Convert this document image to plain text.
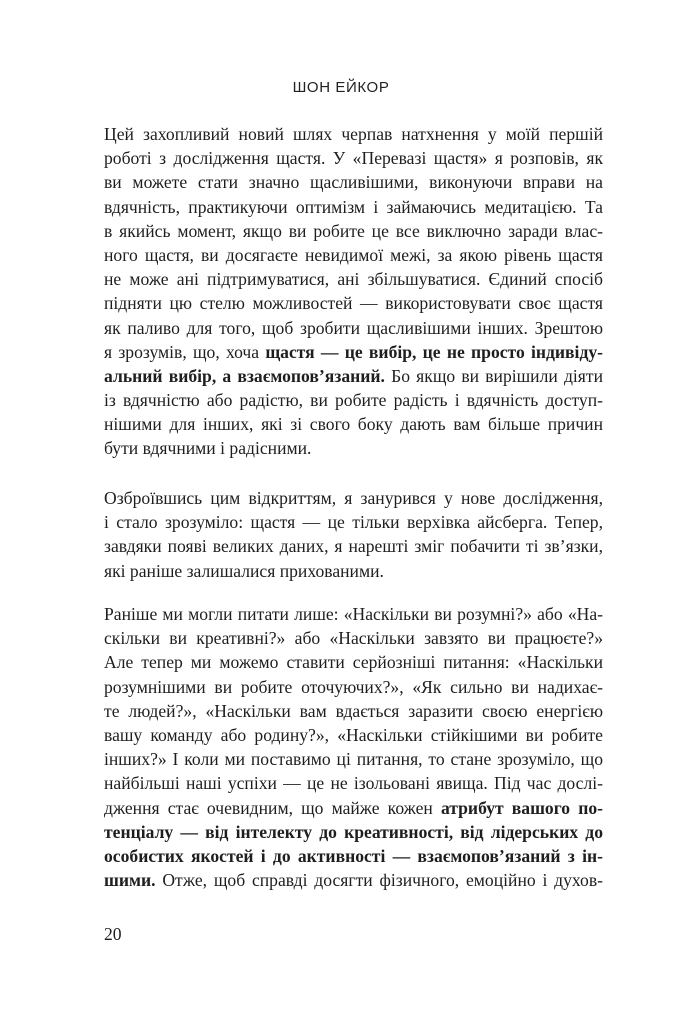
ШОН ЕЙКОР
Цей захопливий новий шлях черпав натхнення у моїй першій
роботі з дослідження щастя. У «Перевазі щастя» я розповів, як
ви можете стати значно щасливішими, виконуючи вправи на
вдячність, практикуючи оптимізм і займаючись медитацією. Та
в якийсь момент, якщо ви робите це все виключно заради влас-
ного щастя, ви досягаєте невидимої межі, за якою рівень щастя
не може ані підтримуватися, ані збільшуватися. Єдиний спосіб
підняти цю стелю можливостей — використовувати своє щастя
як паливо для того, щоб зробити щасливішими інших. Зрештою
я зрозумів, що, хоча щастя — це вибір, це не просто індивіду-
альний вибір, а взаємопов’язаний. Бо якщо ви вирішили діяти
із вдячністю або радістю, ви робите радість і вдячність доступ-
нішими для інших, які зі свого боку дають вам більше причин
бути вдячними і радісними.
Озброївшись цим відкриттям, я занурився у нове дослідження,
і стало зрозуміло: щастя — це тільки верхівка айсберга. Тепер,
завдяки появі великих даних, я нарешті зміг побачити ті зв’язки,
які раніше залишалися прихованими.
Раніше ми могли питати лише: «Наскільки ви розумні?» або «На-
скільки ви креативні?» або «Наскільки завзято ви працюєте?»
Але тепер ми можемо ставити серйозніші питання: «Наскільки
розумнішими ви робите оточуючих?», «Як сильно ви надихає-
те людей?», «Наскільки вам вдається заразити своєю енергією
вашу команду або родину?», «Наскільки стійкішими ви робите
інших?» І коли ми поставимо ці питання, то стане зрозуміло, що
найбільші наші успіхи — це не ізольовані явища. Під час дослі-
дження стає очевидним, що майже кожен атрибут вашого по-
тенціалу — від інтелекту до креативності, від лідерських до
особистих якостей і до активності — взаємопов’язаний з ін-
шими. Отже, щоб справді досягти фізичного, емоційно і духов-
20
